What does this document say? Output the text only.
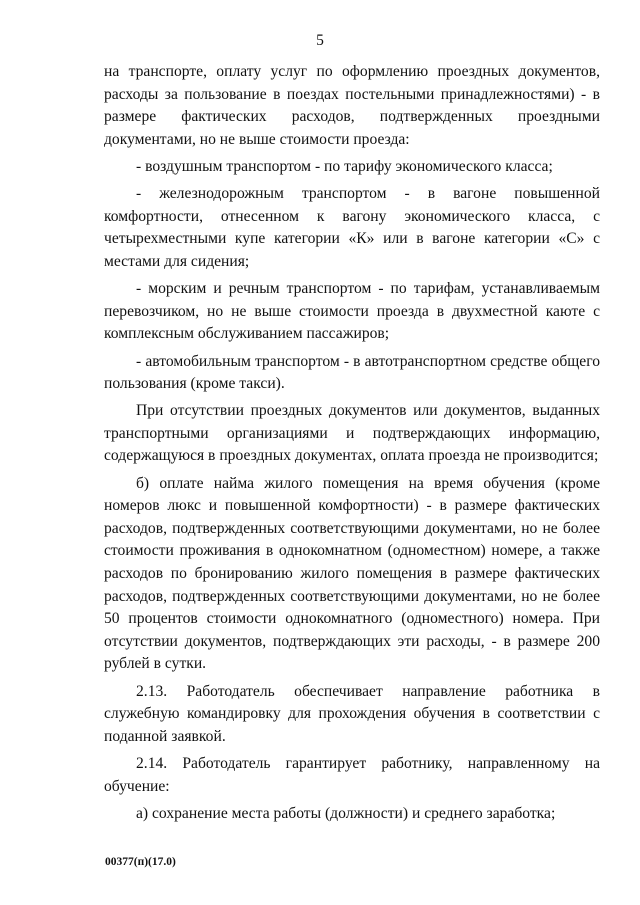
5

на транспорте, оплату услуг по оформлению проездных документов, расходы за пользование в поездах постельными принадлежностями) - в размере фактических расходов, подтвержденных проездными документами, но не выше стоимости проезда:

- воздушным транспортом - по тарифу экономического класса;

- железнодорожным транспортом - в вагоне повышенной комфортности, отнесенном к вагону экономического класса, с четырехместными купе категории «К» или в вагоне категории «С» с местами для сидения;

- морским и речным транспортом - по тарифам, устанавливаемым перевозчиком, но не выше стоимости проезда в двухместной каюте с комплексным обслуживанием пассажиров;

- автомобильным транспортом - в автотранспортном средстве общего пользования (кроме такси).

При отсутствии проездных документов или документов, выданных транспортными организациями и подтверждающих информацию, содержащуюся в проездных документах, оплата проезда не производится;

б) оплате найма жилого помещения на время обучения (кроме номеров люкс и повышенной комфортности) - в размере фактических расходов, подтвержденных соответствующими документами, но не более стоимости проживания в однокомнатном (одноместном) номере, а также расходов по бронированию жилого помещения в размере фактических расходов, подтвержденных соответствующими документами, но не более 50 процентов стоимости однокомнатного (одноместного) номера. При отсутствии документов, подтверждающих эти расходы, - в размере 200 рублей в сутки.

2.13. Работодатель обеспечивает направление работника в служебную командировку для прохождения обучения в соответствии с поданной заявкой.

2.14. Работодатель гарантирует работнику, направленному на обучение:

а) сохранение места работы (должности) и среднего заработка;

00377(п)(17.0)
